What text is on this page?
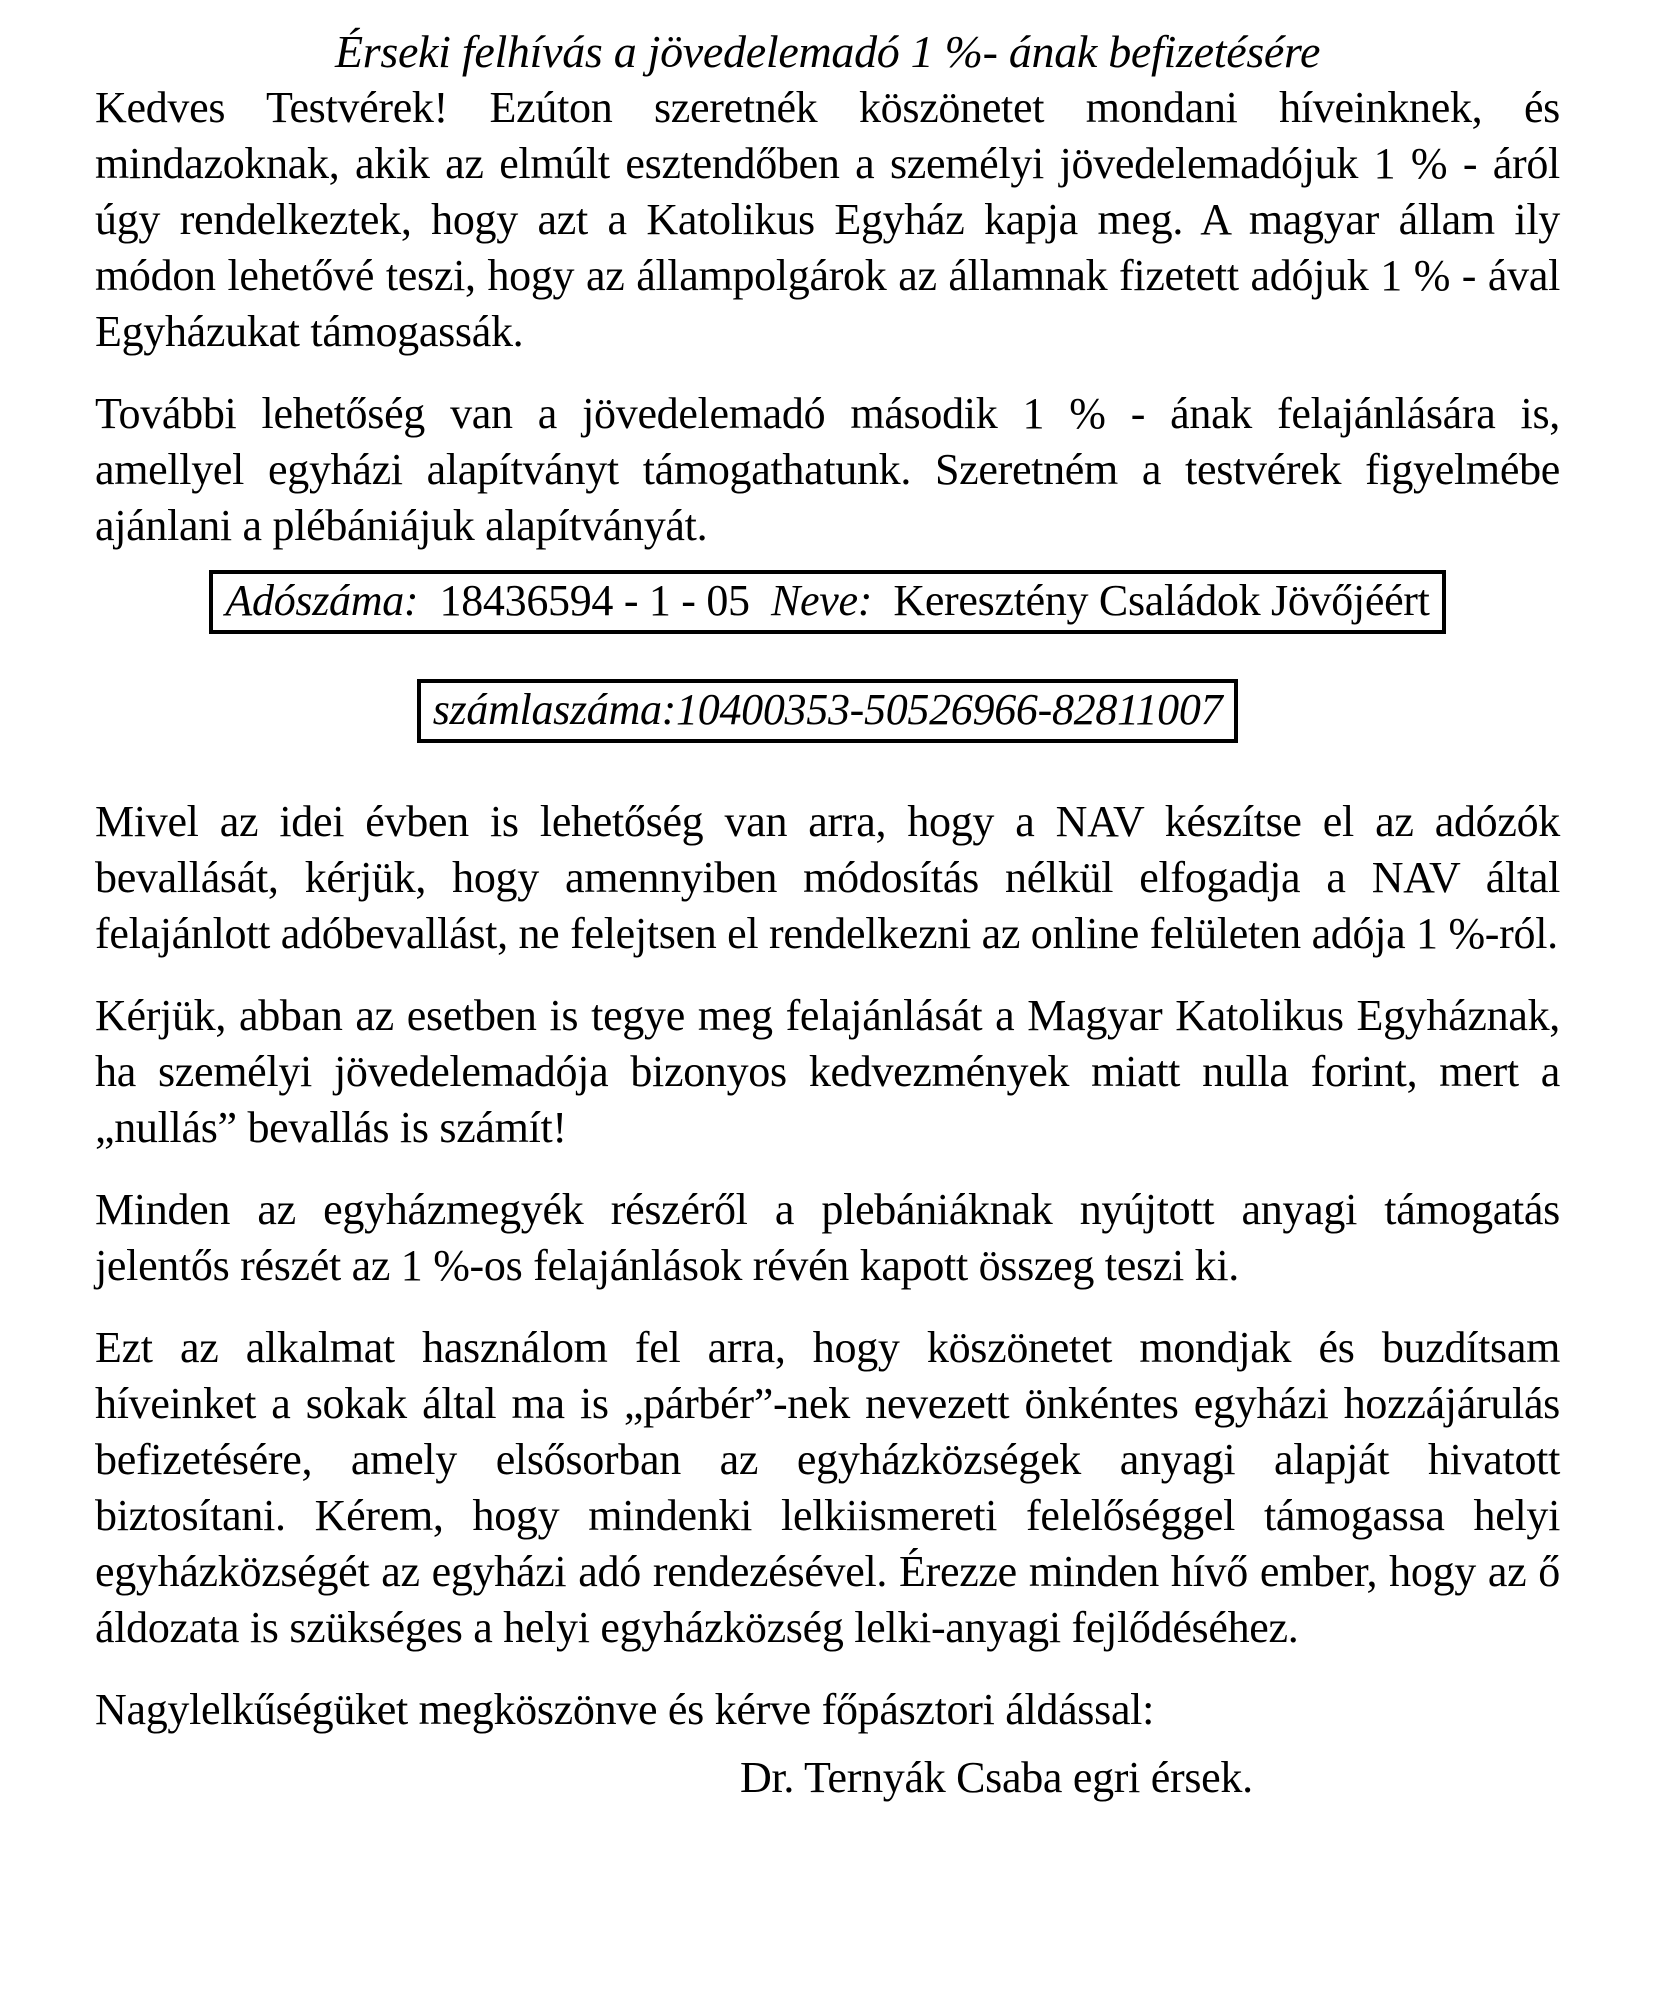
Érseki felhívás a jövedelemadó 1 %- ának befizetésére

Kedves Testvérek! Ezúton szeretnék köszönetet mondani híveinknek, és mindazoknak, akik az elmúlt esztendőben a személyi jövedelemadójuk 1 % - áról úgy rendelkeztek, hogy azt a Katolikus Egyház kapja meg. A magyar állam ily módon lehetővé teszi, hogy az állampolgárok az államnak fizetett adójuk 1 % - ával Egyházukat támogassák.

További lehetőség van a jövedelemadó második 1 % - ának felajánlására is, amellyel egyházi alapítványt támogathatunk. Szeretném a testvérek figyelmébe ajánlani a plébániájuk alapítványát.

Adószáma: 18436594 - 1 - 05 Neve: Keresztény Családok Jövőjéért
számlaszáma:10400353-50526966-82811007

Mivel az idei évben is lehetőség van arra, hogy a NAV készítse el az adózók bevallását, kérjük, hogy amennyiben módosítás nélkül elfogadja a NAV által felajánlott adóbevallást, ne felejtsen el rendelkezni az online felületen adója 1 %-ról.

Kérjük, abban az esetben is tegye meg felajánlását a Magyar Katolikus Egyháznak, ha személyi jövedelemadója bizonyos kedvezmények miatt nulla forint, mert a „nullás” bevallás is számít!

Minden az egyházmegyék részéről a plebániáknak nyújtott anyagi támogatás jelentős részét az 1 %-os felajánlások révén kapott összeg teszi ki.

Ezt az alkalmat használom fel arra, hogy köszönetet mondjak és buzdítsam híveinket a sokak által ma is „párbér”-nek nevezett önkéntes egyházi hozzájárulás befizetésére, amely elsősorban az egyházközségek anyagi alapját hivatott biztosítani. Kérem, hogy mindenki lelkiismereti felelőséggel támogassa helyi egyházközségét az egyházi adó rendezésével. Érezze minden hívő ember, hogy az ő áldozata is szükséges a helyi egyházközség lelki-anyagi fejlődéséhez.

Nagylelkűségüket megköszönve és kérve főpásztori áldással:

Dr. Ternyák Csaba egri érsek.
